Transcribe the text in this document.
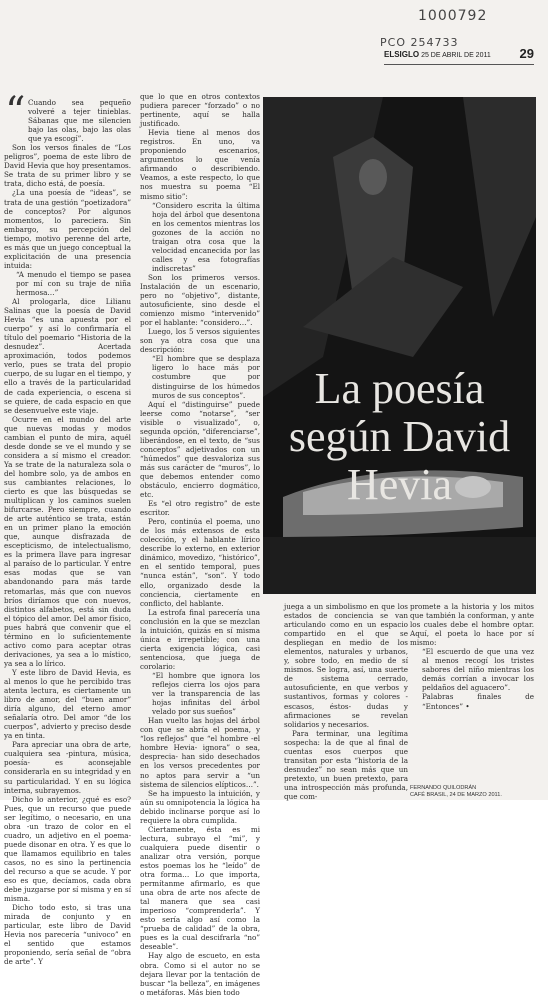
1000792
PCO 254733
ELSIGLO 25 DE ABRIL DE 2011 29
“ Cuando sea pequeño volveré a tejer tinieblas. Sábanas que me silencien bajo las olas, bajo las olas que ya escogí”.

Son los versos finales de “Los peligros”, poema de este libro de David Hevia que hoy presentamos. Se trata de su primer libro y se trata, dicho está, de poesía.

¿La una poesía de “ideas”, se trata de una gestión “poetizadora” de conceptos? Por algunos momentos, lo pareciera. Sin embargo, su percepción del tiempo, motivo perenne del arte, es más que un juego conceptual la explicitación de una presencia intuida:

“A menudo el tiempo se pasea por mí con su traje de niña hermosa…”

Al prologarla, dice Lilianu Salinas que la poesía de David Hevia “es una apuesta por el cuerpo” y así lo confirmaría el título del poemario “Historia de la desnudez”. Acertada aproximación, todos podemos verlo, pues se trata del propio cuerpo, de su lugar en el tiempo, y ello a través de la particularidad de cada experiencia, o escena si se quiere, de cada espacio en que se desenvuelve este viaje.

Ocurre en el mundo del arte que nuevas modas y modos cambian el punto de mira, aquél desde donde se ve el mundo y se considera a sí mismo el creador. Ya se trate de la naturaleza sola o del hombre solo, ya de ambos en sus cambiantes relaciones, lo cierto es que las búsquedas se multiplican y los caminos suelen bifurcarse. Pero siempre, cuando de arte auténtico se trata, están en un primer plano la emoción que, aunque disfrazada de escepticismo, de intelectualismo, es la primera llave para ingresar al paraíso de lo particular. Y entre esas modas que se van abandonando para más tarde retomarlas, más que con nuevos bríos diríamos que con nuevos, distintos alfabetos, está sin duda el tópico del amor. Del amor físico, pues habrá que convenir que el término en lo suficientemente activo como para aceptar otras derivaciones, ya sea a lo místico, ya sea a lo lírico.

Y este libro de David Hevia, es al menos lo que he percibido tras atenta lectura, es ciertamente un libro de amor, del “buen amor” diría alguno, del eterno amor señalaría otro. Del amor “de los cuerpos”, advierto y preciso desde ya en tinta.

Para apreciar una obra de arte, cualquiera sea -pintura, música, poesía- es aconsejable considerarla en su integridad y en su particularidad. Y en su lógica interna, subrayemos.

Dicho lo anterior, ¿qué es eso? Pues, que un recurso que puede ser legítimo, o necesario, en una obra -un trazo de color en el cuadro, un adjetivo en el poema- puede disonar en otra. Y es que lo que llamamos equilibrio en tales casos, no es sino la pertinencia del recurso a que se acude. Y por eso es que, decíamos, cada obra debe juzgarse por sí misma y en sí misma.

Dicho todo esto, si tras una mirada de conjunto y en particular, este libro de David Hevia nos parecería “univoco” en el sentido que estamos proponiendo, sería señal de “obra de arte”. Y

que lo que en otros contextos pudiera parecer “forzado” o no pertinente, aquí se halla justificado.

Hevia tiene al menos dos registros. En uno, va proponiendo escenarios, argumentos lo que venía afirmando o describiendo. Veamos, a este respecto, lo que nos muestra su poema “El mismo sitio”:

“Considero escrita la última hoja del árbol que desentona en los cementos mientras los gozones de la acción no traigan otra cosa que la velocidad encanecida por las calles y esa fotografías indiscretas”

Son los primeros versos. Instalación de un escenario, pero no “objetivo”, distante, autosuficiente, sino desde el comienzo mismo “intervenido” por el hablante: “considero…”.

Luego, los 5 versos siguientes son ya otra cosa que una descripción:

“El hombre que se desplaza ligero lo hace más por costumbre que por distinguirse de los húmedos muros de sus conceptos”.

Aquí el “distinguirse” puede leerse como “notarse”, “ser visible o visualizado”, o, segunda opción, “diferenciarse”, liberándose, en el texto, de “sus conceptos” adjetivados con un “húmedos” que desvaloriza sus más sus carácter de “muros”, lo que debemos entender como obstáculo, encierro dogmático, etc.

Es “el otro registro” de este escritor.

Pero, continúa el poema, uno de los más extensos de esta colección, y el hablante lírico describe lo externo, en exterior dinámico, movedizo, “histórico”, en el sentido temporal, pues “nunca están”, “son”. Y todo ello, organizado desde la conciencia, ciertamente en conflicto, del hablante.

La estrofa final parecería una conclusión en la que se mezclan la intuición, quizás en sí misma única e irrepetible; con una cierta exigencia lógica, casi sentenciosa, que juega de corolario:

“El hombre que ignora los reflejos cierra los ojos para ver la transparencia de las hojas infinitas del árbol velado por sus sueños”

Han vuelto las hojas del árbol con que se abría el poema, y “los reflejos” que “el hombre -el hombre Hevia- ignora” o sea, desprecia- han sido desechados en los versos precedentes por no aptos para servir a “un sistema de silencios elípticos…”.

Se ha impuesto la intuición, y aún su omnipotencia la lógica ha debido inclinarse porque así lo requiere la obra cumplida.

Ciertamente, ésta es mi lectura, subrayo el “mi”, y cualquiera puede disentir o analizar otra versión, porque estos poemas los he “leído” de otra forma… Lo que importa, permítanme afirmarlo, es que una obra de arte nos afecte de tal manera que sea casi imperioso “comprenderla”. Y esto sería algo así como la “prueba de calidad” de la obra, pues es la cual descifrarla “no” deseable”.

Hay algo de escueto, en esta obra. Como si el autor no se dejara llevar por la tentación de buscar “la belleza”, en imágenes o metáforas. Más bien todo

La poesía según David Hevia

juega a un simbolismo en que los estados de conciencia se van articulando como en un espacio compartido en el que se despliegan en medio de los elementos, naturales y urbanos, y, sobre todo, en medio de sí mismos. Se logra, así, una suerte de sistema cerrado, autosuficiente, en que verbos y sustantivos, formas y colores -escasos, éstos- dudas y afirmaciones se revelan solidarios y necesarios.

Para terminar, una legítima sospecha: la de que al final de cuentas esos cuerpos que transitan por esta “historia de la desnudez” no sean más que un pretexto, un buen pretexto, para una introspección más profunda, que com-

promete a la historia y los mitos que también la conforman, y ante los cuales debe el hombre optar. Aquí, el poeta lo hace por sí mismo:

“El escuerdo de que una vez al menos recogí los tristes sabores del niño mientras los demás corrían a invocar los peldaños del aguacero”.

Palabras finales de “Entonces” •

FERNANDO QUILODRÁN
CAFÉ BRASIL, 24 DE MARZO 2011.
